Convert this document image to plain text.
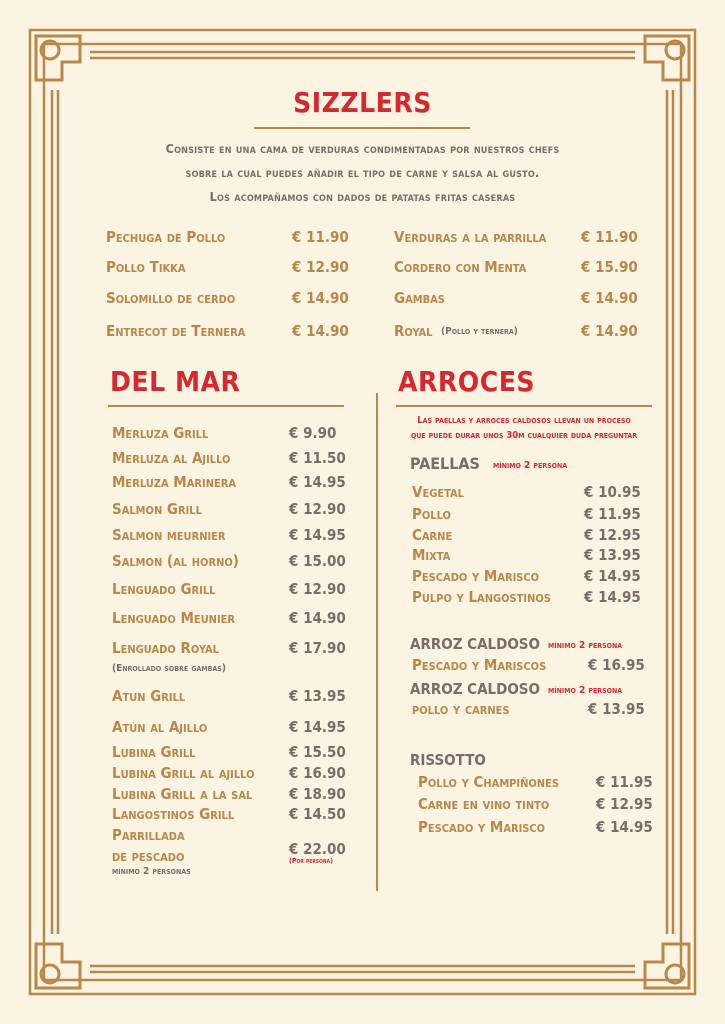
SIZZLERS
Consiste en una cama de verduras condimentadas por nuestros chefs
sobre la cual puedes añadir el tipo de carne y salsa al gusto.
Los acompañamos con dados de patatas fritas caseras
Pechuga de Pollo	€ 11.90
Pollo Tikka	€ 12.90
Solomillo de cerdo	€ 14.90
Entrecot de Ternera	€ 14.90
Verduras a la parrilla € 11.90
Cordero con Menta	€ 15.90
Gambas	€ 14.90
Royal (Pollo y ternera)	€ 14.90
DEL MAR
Merluza Grill	€ 9.90
Merluza al Ajillo	€ 11.50
Merluza Marinera	€ 14.95
Salmon Grill	€ 12.90
Salmon meurnier	€ 14.95
Salmon (al horno)	€ 15.00
Lenguado Grill	€ 12.90
Lenguado Meunier	€ 14.90
Lenguado Royal	€ 17.90
(Enrollado sobre gambas)
Atun Grill	€ 13.95
Atún al Ajillo	€ 14.95
Lubina Grill	€ 15.50
Lubina Grill al ajillo € 16.90
Lubina Grill a la sal € 18.90
Langostinos Grill	€ 14.50
Parrillada
de pescado	€ 22.00
(Por persona)
mínimo 2 personas
ARROCES
Las paellas y arroces caldosos llevan un proceso
que puede durar unos 30m cualquier duda preguntar
PAELLAS mínimo 2 persona
Vegetal	€ 10.95
Pollo	€ 11.95
Carne	€ 12.95
Mixta	€ 13.95
Pescado y Marisco	€ 14.95
Pulpo y Langostinos € 14.95
ARROZ CALDOSO mínimo 2 persona
Pescado y Mariscos	€ 16.95
ARROZ CALDOSO mínimo 2 persona
pollo y carnes	€ 13.95
RISSOTTO
Pollo y Champiñones € 11.95
Carne en vino tinto	€ 12.95
Pescado y Marisco	€ 14.95
